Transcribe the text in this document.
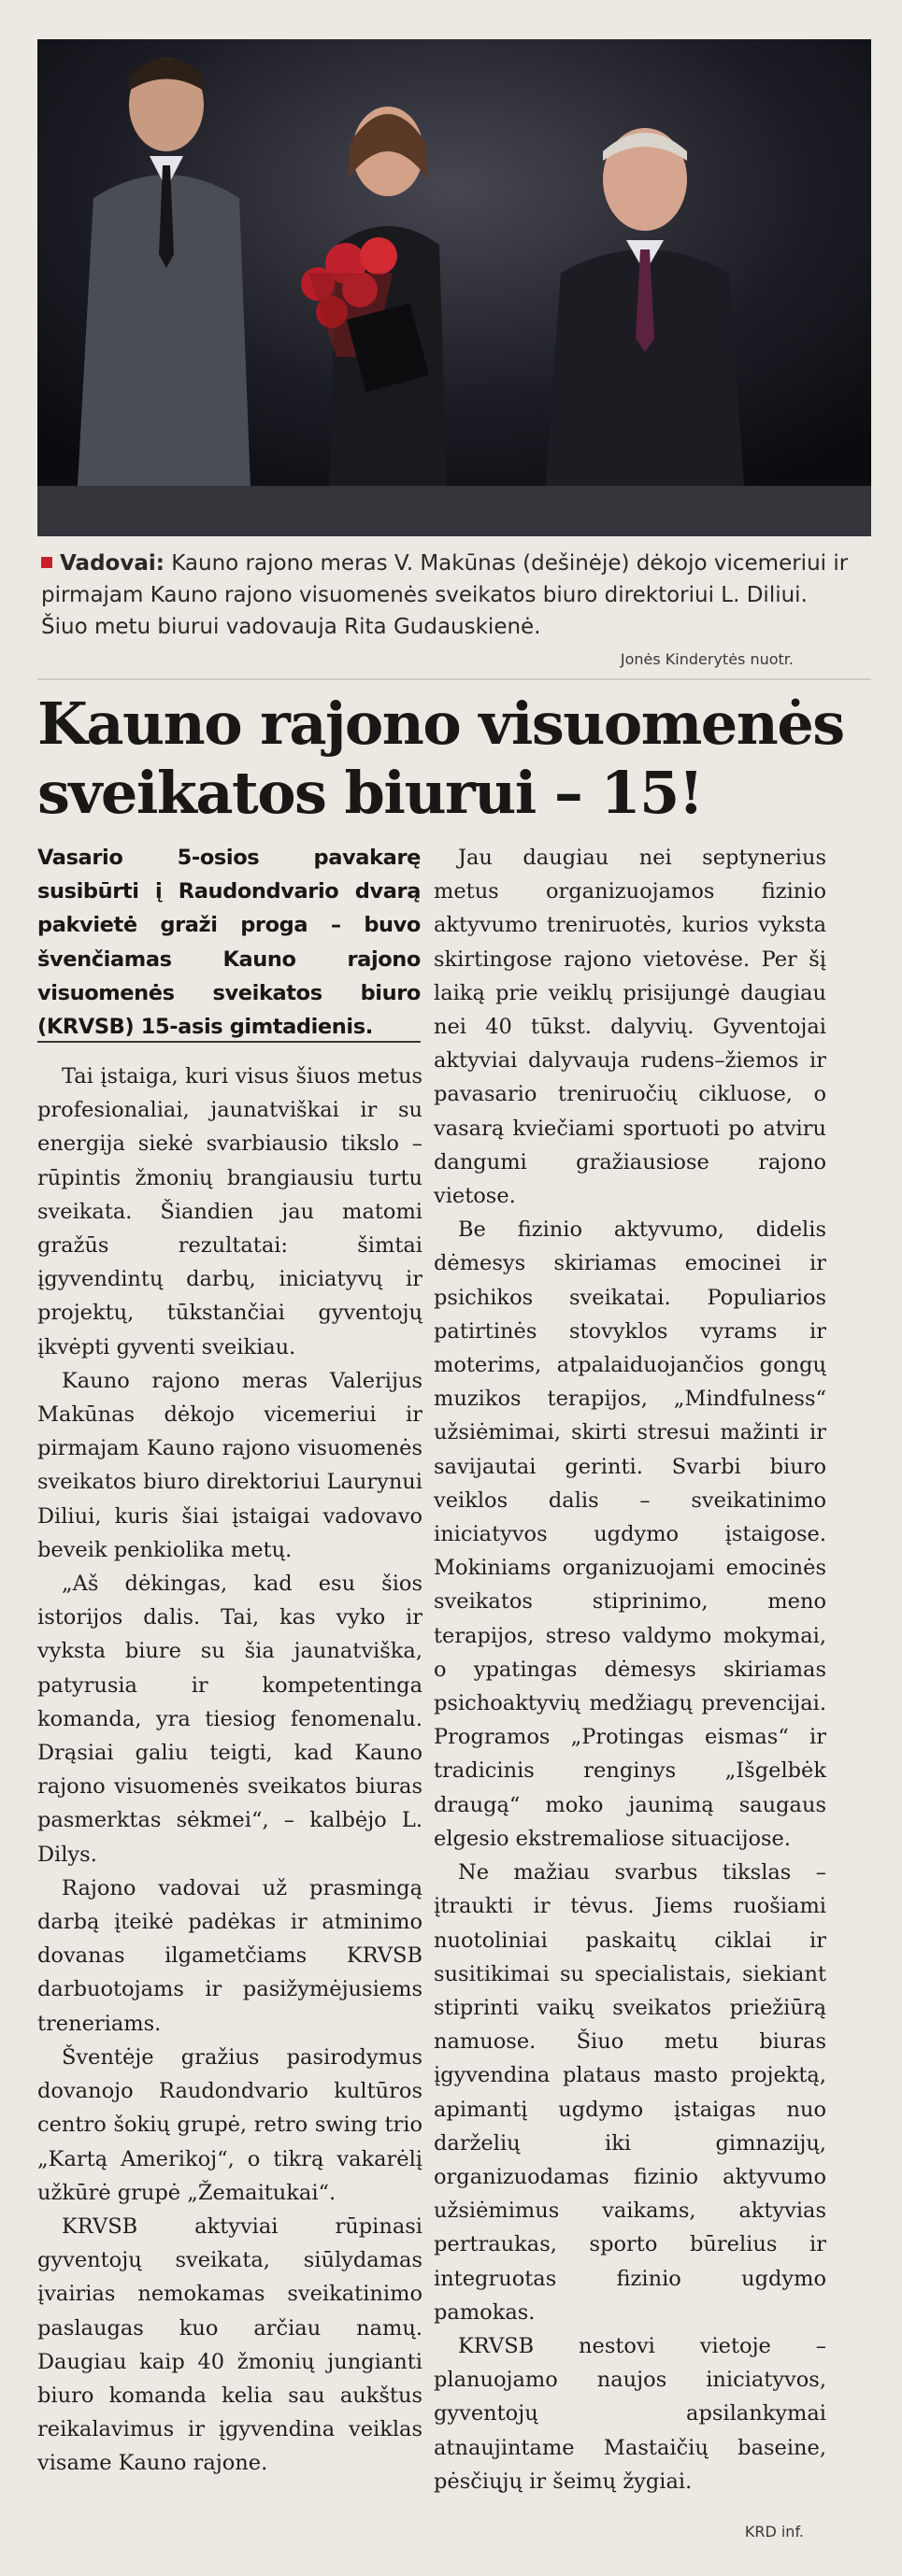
Vadovai: Kauno rajono meras V. Makūnas (dešinėje) dėkojo vicemeriui ir pirmajam Kauno rajono visuomenės sveikatos biuro direktoriui L. Diliui. Šiuo metu biurui vadovauja Rita Gudauskienė.
Jonės Kinderytės nuotr.
Kauno rajono visuomenės sveikatos biurui – 15!
Vasario 5-osios pavakarę susibūrti į Raudondvario dvarą pakvietė graži proga – buvo švenčiamas Kauno rajono visuomenės sveikatos biuro (KRVSB) 15-asis gimtadienis.

Tai įstaiga, kuri visus šiuos metus profesionaliai, jaunatviškai ir su energija siekė svarbiausio tikslo – rūpintis žmonių brangiausiu turtu sveikata. Šiandien jau matomi gražūs rezultatai: šimtai įgyvendintų darbų, iniciatyvų ir projektų, tūkstančiai gyventojų įkvėpti gyventi sveikiau.

Kauno rajono meras Valerijus Makūnas dėkojo vicemeriui ir pirmajam Kauno rajono visuomenės sveikatos biuro direktoriui Laurynui Diliui, kuris šiai įstaigai vadovavo beveik penkiolika metų.

„Aš dėkingas, kad esu šios istorijos dalis. Tai, kas vyko ir vyksta biure su šia jaunatviška, patyrusia ir kompetentinga komanda, yra tiesiog fenomenalu. Drąsiai galiu teigti, kad Kauno rajono visuomenės sveikatos biuras pasmerktas sėkmei“, – kalbėjo L. Dilys.

Rajono vadovai už prasmingą darbą įteikė padėkas ir atminimo dovanas ilgametčiams KRVSB darbuotojams ir pasižymėjusiems treneriams.

Šventėje gražius pasirodymus dovanojo Raudondvario kultūros centro šokių grupė, retro swing trio „Kartą Amerikoj“, o tikrą vakarėlį užkūrė grupė „Žemaitukai“.

KRVSB aktyviai rūpinasi gyventojų sveikata, siūlydamas įvairias nemokamas sveikatinimo paslaugas kuo arčiau namų. Daugiau kaip 40 žmonių jungianti biuro komanda kelia sau aukštus reikalavimus ir įgyvendina veiklas visame Kauno rajone.

Jau daugiau nei septynerius metus organizuojamos fizinio aktyvumo treniruotės, kurios vyksta skirtingose rajono vietovėse. Per šį laiką prie veiklų prisijungė daugiau nei 40 tūkst. dalyvių. Gyventojai aktyviai dalyvauja rudens–žiemos ir pavasario treniruočių cikluose, o vasarą kviečiami sportuoti po atviru dangumi gražiausiose rajono vietose.

Be fizinio aktyvumo, didelis dėmesys skiriamas emocinei ir psichikos sveikatai. Populiarios patirtinės stovyklos vyrams ir moterims, atpalaiduojančios gongų muzikos terapijos, „Mindfulness“ užsiėmimai, skirti stresui mažinti ir savijautai gerinti. Svarbi biuro veiklos dalis – sveikatinimo iniciatyvos ugdymo įstaigose. Mokiniams organizuojami emocinės sveikatos stiprinimo, meno terapijos, streso valdymo mokymai, o ypatingas dėmesys skiriamas psichoaktyvių medžiagų prevencijai. Programos „Protingas eismas“ ir tradicinis renginys „Išgelbėk draugą“ moko jaunimą saugaus elgesio ekstremaliose situacijose.

Ne mažiau svarbus tikslas – įtraukti ir tėvus. Jiems ruošiami nuotoliniai paskaitų ciklai ir susitikimai su specialistais, siekiant stiprinti vaikų sveikatos priežiūrą namuose. Šiuo metu biuras įgyvendina plataus masto projektą, apimantį ugdymo įstaigas nuo darželių iki gimnazijų, organizuodamas fizinio aktyvumo užsiėmimus vaikams, aktyvias pertraukas, sporto būrelius ir integruotas fizinio ugdymo pamokas.

KRVSB nestovi vietoje – planuojamo naujos iniciatyvos, gyventojų apsilankymai atnaujintame Mastaičių baseine, pėsčiųjų ir šeimų žygiai.

KRD inf.
